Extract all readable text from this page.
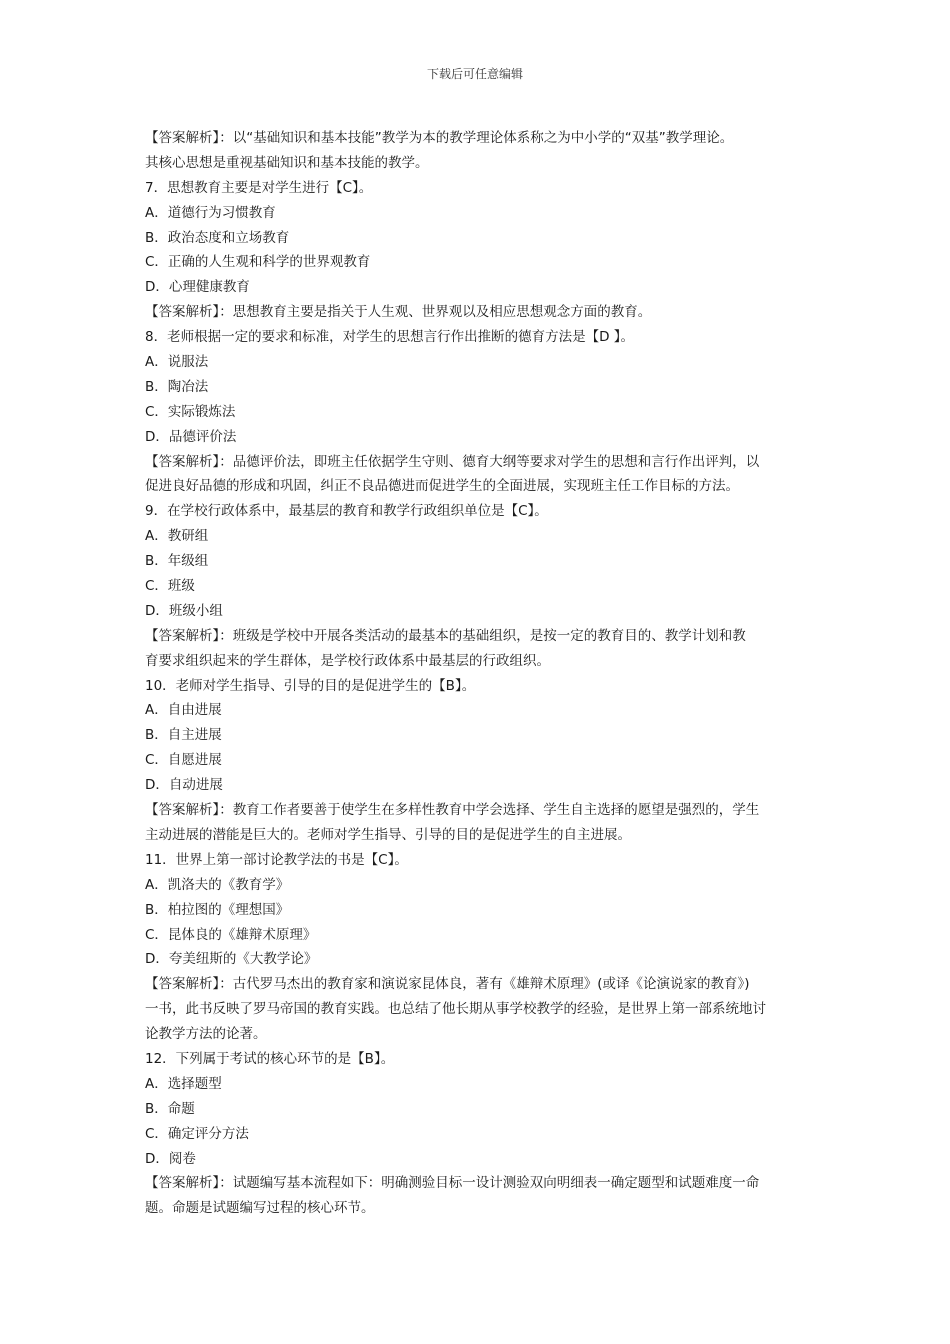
下载后可任意编辑
【答案解析】：以“基础知识和基本技能”教学为本的教学理论体系称之为中小学的“双基”教学理论。
其核心思想是重视基础知识和基本技能的教学。
7．思想教育主要是对学生进行【C】。
A．道德行为习惯教育
B．政治态度和立场教育
C．正确的人生观和科学的世界观教育
D．心理健康教育
【答案解析】：思想教育主要是指关于人生观、世界观以及相应思想观念方面的教育。
8．老师根据一定的要求和标准，对学生的思想言行作出推断的德育方法是【D 】。
A．说服法
B．陶冶法
C．实际锻炼法
D．品德评价法
【答案解析】：品德评价法，即班主任依据学生守则、德育大纲等要求对学生的思想和言行作出评判，以
促进良好品德的形成和巩固，纠正不良品德进而促进学生的全面进展，实现班主任工作目标的方法。
9．在学校行政体系中，最基层的教育和教学行政组织单位是【C】。
A．教研组
B．年级组
C．班级
D．班级小组
【答案解析】：班级是学校中开展各类活动的最基本的基础组织，是按一定的教育目的、教学计划和教
育要求组织起来的学生群体，是学校行政体系中最基层的行政组织。
10．老师对学生指导、引导的目的是促进学生的【B】。
A．自由进展
B．自主进展
C．自愿进展
D．自动进展
【答案解析】：教育工作者要善于使学生在多样性教育中学会选择、学生自主选择的愿望是强烈的，学生
主动进展的潜能是巨大的。老师对学生指导、引导的目的是促进学生的自主进展。
11．世界上第一部讨论教学法的书是【C】。
A．凯洛夫的《教育学》
B．柏拉图的《理想国》
C．昆体良的《雄辩术原理》
D．夸美纽斯的《大教学论》
【答案解析】：古代罗马杰出的教育家和演说家昆体良，著有《雄辩术原理》(或译《论演说家的教育》)
一书，此书反映了罗马帝国的教育实践。也总结了他长期从事学校教学的经验，是世界上第一部系统地讨
论教学方法的论著。
12．下列属于考试的核心环节的是【B】。
A．选择题型
B．命题
C．确定评分方法
D．阅卷
【答案解析】：试题编写基本流程如下：明确测验目标一设计测验双向明细表一确定题型和试题难度一命
题。命题是试题编写过程的核心环节。
